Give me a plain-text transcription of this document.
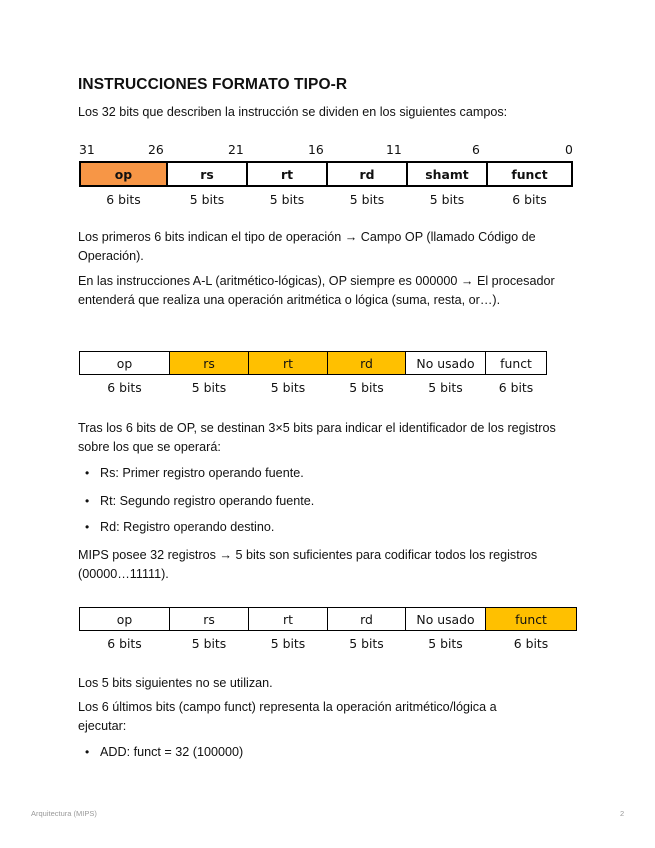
INSTRUCCIONES FORMATO TIPO-R
Los 32 bits que describen la instrucción se dividen en los siguientes campos:
31	26	21	16	11	6	0
op	rs	rt	rd	shamt	funct
6 bits	5 bits	5 bits	5 bits	5 bits	6 bits
Los primeros 6 bits indican el tipo de operación → Campo OP (llamado Código de Operación).
En las instrucciones A-L (aritmético-lógicas), OP siempre es 000000 → El procesador entenderá que realiza una operación aritmética o lógica (suma, resta, or…).
op	rs	rt	rd	No usado	funct
6 bits	5 bits	5 bits	5 bits	5 bits	6 bits
Tras los 6 bits de OP, se destinan 3×5 bits para indicar el identificador de los registros sobre los que se operará:
• Rs: Primer registro operando fuente.
• Rt: Segundo registro operando fuente.
• Rd: Registro operando destino.
MIPS posee 32 registros → 5 bits son suficientes para codificar todos los registros (00000…11111).
op	rs	rt	rd	No usado	funct
6 bits	5 bits	5 bits	5 bits	5 bits	6 bits
Los 5 bits siguientes no se utilizan.
Los 6 últimos bits (campo funct) representa la operación aritmético/lógica a ejecutar:
• ADD: funct = 32 (100000)
Arquitectura (MIPS)	2
